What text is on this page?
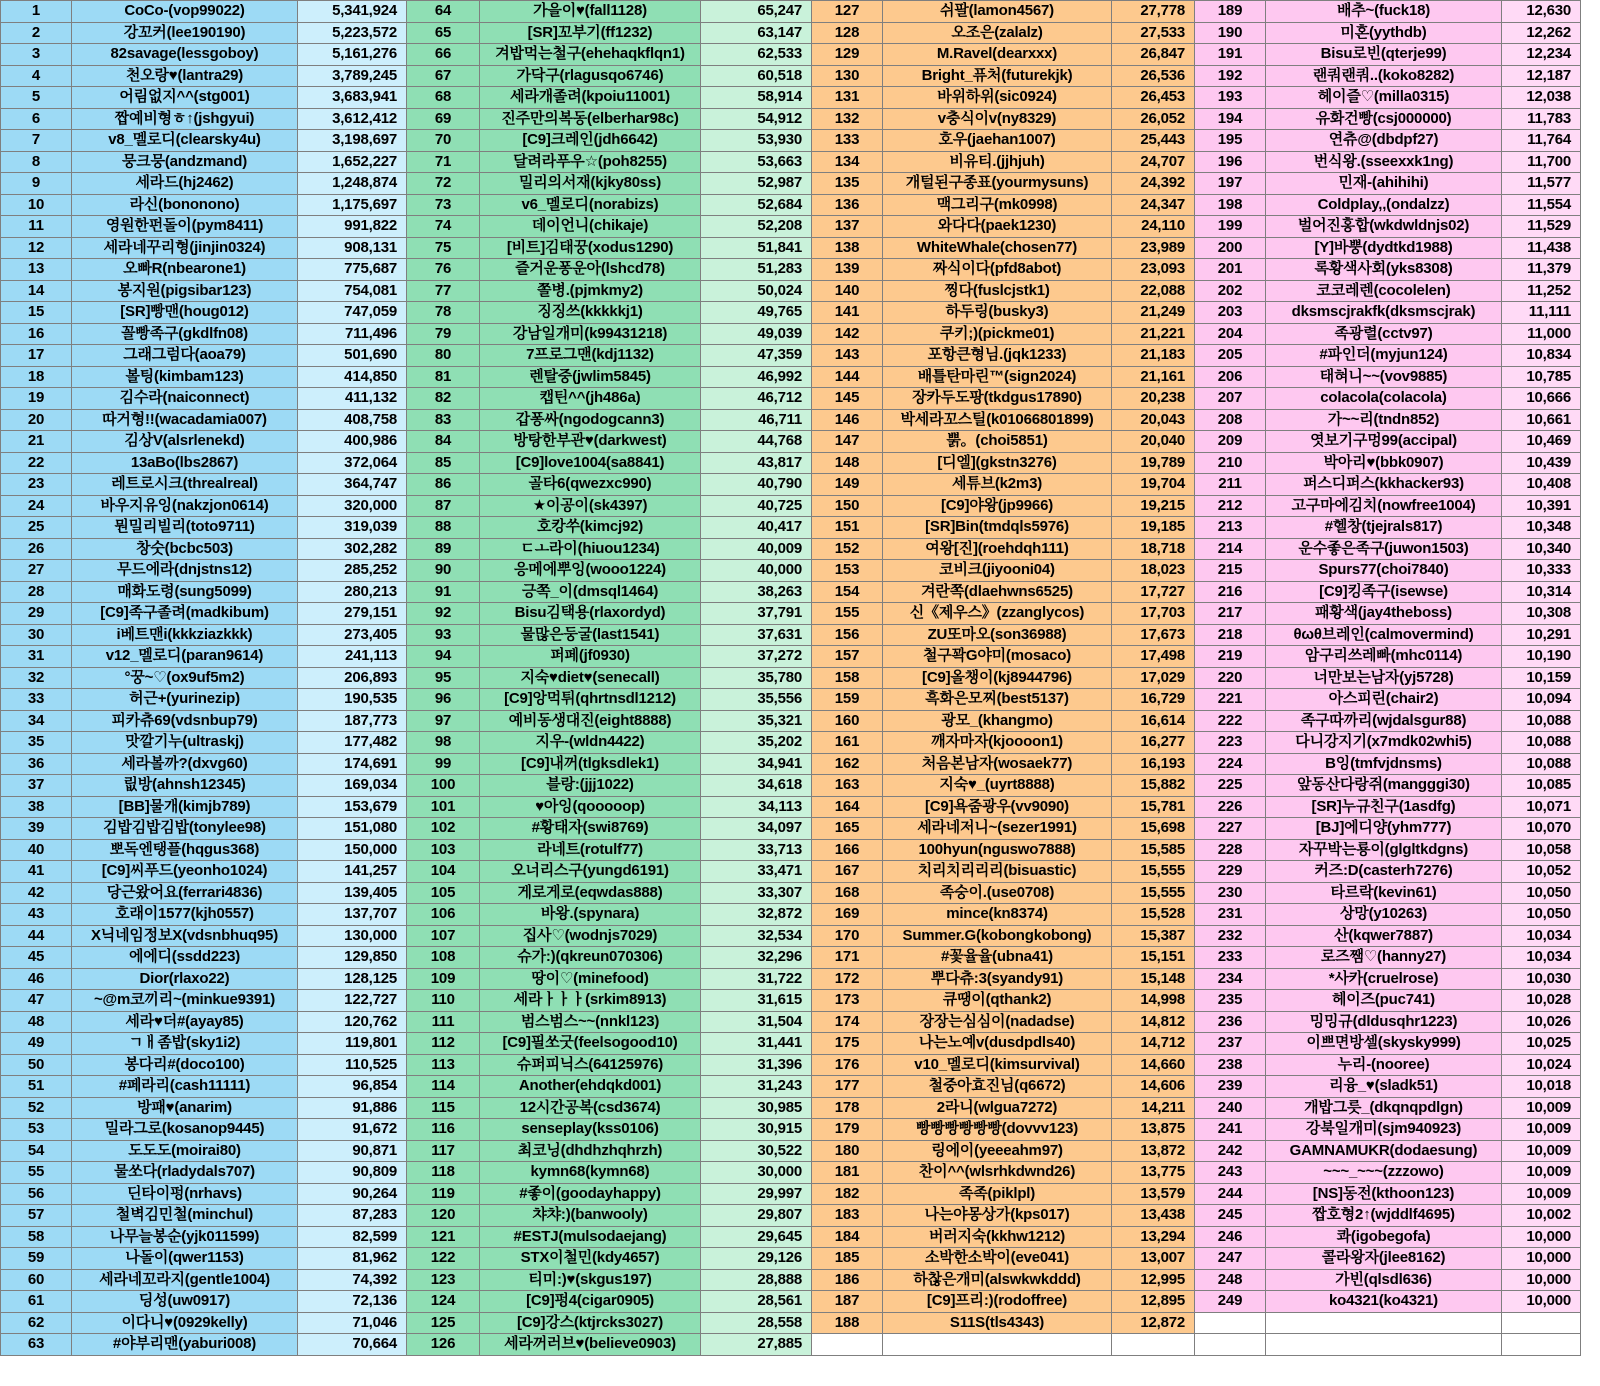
1	CoCo-(vop99022)	5,341,924	64	가을이♥(fall1128)	65,247	127	쉬팔(lamon4567)	27,778	189	배추~(fuck18)	12,630
2	강꼬커(lee190190)	5,223,572	65	[SR]꼬부기(ff1232)	63,147	128	오조은(zalalz)	27,533	190	미혼(yythdb)	12,262
3	82savage(lessgoboy)	5,161,276	66	겨밥먹는철구(ehehaqkflqn1)	62,533	129	M.Ravel(dearxxx)	26,847	191	Bisu로빈(qterje99)	12,234
4	천오랑♥(lantra29)	3,789,245	67	가닥구(rlagusqo6746)	60,518	130	Bright_퓨처(futurekjk)	26,536	192	랜쿼랜쿼..(koko8282)	12,187
5	어림없지^^(stg001)	3,683,941	68	세라개졸려(kpoiu11001)	58,914	131	바위하위(sic0924)	26,453	193	헤이즐♡(milla0315)	12,038
6	짭예비형ㅎ↑(jshgyui)	3,612,412	69	진주만의복동(elberhar98c)	54,912	132	v충식이v(ny8329)	26,052	194	유화건빵(csj000000)	11,783
7	v8_멜로디(clearsky4u)	3,198,697	70	[C9]크레인(jdh6642)	53,930	133	호우(jaehan1007)	25,443	195	연츄@(dbdpf27)	11,764
8	뭉크뭉(andzmand)	1,652,227	71	달려라푸우☆(poh8255)	53,663	134	비유티.(jjhjuh)	24,707	196	번식왕.(sseexxk1ng)	11,700
9	세라드(hj2462)	1,248,874	72	밀리의서재(kjky80ss)	52,987	135	개털된구종표(yourmysuns)	24,392	197	민재-(ahihihi)	11,577
10	라신(bononono)	1,175,697	73	v6_멜로디(norabizs)	52,684	136	맥그리구(mk0998)	24,347	198	Coldplay,,(ondalzz)	11,554
11	영원한펀돌이(pym8411)	991,822	74	데이언니(chikaje)	52,208	137	와다다(paek1230)	24,110	199	벌어진홍합(wkdwldnjs02)	11,529
12	세라네꾸리형(jinjin0324)	908,131	75	[비트]김태꿍(xodus1290)	51,841	138	WhiteWhale(chosen77)	23,989	200	[Y]바뿡(dydtkd1988)	11,438
13	오빠R(nbearone1)	775,687	76	즐거운퐁운아(lshcd78)	51,283	139	짜식이다(pfd8abot)	23,093	201	록황색사회(yks8308)	11,379
14	봉지원(pigsibar123)	754,081	77	쫄병.(pjmkmy2)	50,024	140	찡다(fuslcjstk1)	22,088	202	코코레렌(cocolelen)	11,252
15	[SR]빵맨(houg012)	747,059	78	징징쓰(kkkkkj1)	49,765	141	하두링(busky3)	21,249	203	dksmscjrakfk(dksmscjrak)	11,111
16	꼴빵족구(gkdlfn08)	711,496	79	강남일개미(k99431218)	49,039	142	쿠키;)(pickme01)	21,221	204	족광렬(cctv97)	11,000
17	그래그럼다(aoa79)	501,690	80	7프로그맨(kdj1132)	47,359	143	포항큰형님.(jqk1233)	21,183	205	#파인더(myjun124)	10,834
18	볼팅(kimbam123)	414,850	81	렌탈중(jwlim5845)	46,992	144	배틀탄마린™(sign2024)	21,161	206	태혀니~~(vov9885)	10,785
19	김수라(naiconnect)	411,132	82	캡틴^^(jh486a)	46,712	145	장카두도팡(tkdgus17890)	20,238	207	colacola(colacola)	10,666
20	따거형!!(wacadamia007)	408,758	83	갑퐁싸(ngodogcann3)	46,711	146	박세라꼬스틸(k01066801899)	20,043	208	가~~리(tndn852)	10,661
21	김상V(alsrlenekd)	400,986	84	방탕한부관♥(darkwest)	44,768	147	뿕。(choi5851)	20,040	209	엿보기구멍99(accipal)	10,469
22	13aBo(lbs2867)	372,064	85	[C9]love1004(sa8841)	43,817	148	[디엘](gkstn3276)	19,789	210	박아리♥(bbk0907)	10,439
23	레트로시크(threalreal)	364,747	86	골타6(qwezxc990)	40,790	149	세튜브(k2m3)	19,704	211	퍼스디퍼스(kkhacker93)	10,408
24	바우지유잉(nakzjon0614)	320,000	87	★이공이(sk4397)	40,725	150	[C9]야왕(jp9966)	19,215	212	고구마에김치(nowfree1004)	10,391
25	뭔밀리빌리(toto9711)	319,039	88	호캉쑤(kimcj92)	40,417	151	[SR]Bin(tmdqls5976)	19,185	213	#헬창(tjejrals817)	10,348
26	창숫(bcbc503)	302,282	89	ㄷㅗ라이(hiuou1234)	40,009	152	여왕[진](roehdqh111)	18,718	214	운수좋은족구(juwon1503)	10,340
27	무드에라(dnjstns12)	285,252	90	응메에뿌잉(wooo1224)	40,000	153	코비크(jiyooni04)	18,023	215	Spurs77(choi7840)	10,333
28	매화도령(sung5099)	280,213	91	긍쪽_이(dmsql1464)	38,263	154	겨란쪽(dlaehwns6525)	17,727	216	[C9]킹족구(isewse)	10,314
29	[C9]족구졸려(madkibum)	279,151	92	Bisu김택용(rlaxordyd)	37,791	155	신《제우스》(zzanglycos)	17,703	217	패황색(jay4theboss)	10,308
30	i베트맨i(kkkziazkkk)	273,405	93	물많은둥굴(last1541)	37,631	156	ZU또마오(son36988)	17,673	218	θωθ브레인(calmovermind)	10,291
31	v12_멜로디(paran9614)	241,113	94	퍼페(jf0930)	37,272	157	철구꽉G야미(mosaco)	17,498	219	암구리쓰레빠(mhc0114)	10,190
32	°꿍~♡(ox9uf5m2)	206,893	95	지숙♥diet♥(senecall)	35,780	158	[C9]올챙이(kj8944796)	17,029	220	너만보는남자(yj5728)	10,159
33	허근+(yurinezip)	190,535	96	[C9]앙먹튀(qhrtnsdl1212)	35,556	159	흑화은모찌(best5137)	16,729	221	아스피린(chair2)	10,094
34	피카츄69(vdsnbup79)	187,773	97	예비동생대진(eight8888)	35,321	160	광모_(khangmo)	16,614	222	족구따까리(wjdalsgur88)	10,088
35	맛깔기누(ultraskj)	177,482	98	지우-(wldn4422)	35,202	161	깨자마자(kjoooon1)	16,277	223	다니강지기(x7mdk02whi5)	10,088
36	세라볼까?(dxvg60)	174,691	99	[C9]내꺼(tlgksdlek1)	34,941	162	처음본남자(wosaek77)	16,193	224	B잉(tmfvjdnsms)	10,088
37	릾방(ahnsh12345)	169,034	100	블랑:(jjj1022)	34,618	163	지숙♥_(uyrt8888)	15,882	225	앞동산다랑쥐(mangggi30)	10,085
38	[BB]물개(kimjb789)	153,679	101	♥아잉(qooooop)	34,113	164	[C9]욕줌광우(vv9090)	15,781	226	[SR]누규친구(1asdfg)	10,071
39	김밥김밥김밥(tonylee98)	151,080	102	#황태자(swi8769)	34,097	165	세라네저니~(sezer1991)	15,698	227	[BJ]에디양(yhm777)	10,070
40	뽀독엔탱플(hqgus368)	150,000	103	라네트(rotulf77)	33,713	166	100hyun(nguswo7888)	15,585	228	자꾸박는룡이(glgltkdgns)	10,058
41	[C9]씨푸드(yeonho1024)	141,257	104	오너리스구(yungd6191)	33,471	167	치리치리리리(bisuastic)	15,555	229	커즈:D(casterh7276)	10,052
42	당근왔어요(ferrari4836)	139,405	105	게로게로(eqwdas888)	33,307	168	족숭이.(use0708)	15,555	230	타르락(kevin61)	10,050
43	호래이1577(kjh0557)	137,707	106	바왕.(spynara)	32,872	169	mince(kn8374)	15,528	231	상망(y10263)	10,050
44	X닉네임정보X(vdsnbhuq95)	130,000	107	집사♡(wodnjs7029)	32,534	170	Summer.G(kobongkobong)	15,387	232	산(kqwer7887)	10,034
45	에에디(ssdd223)	129,850	108	슈가:)(qkreun070306)	32,296	171	#꽃율율(ubna41)	15,151	233	로즈쨈♡(hanny27)	10,034
46	Dior(rlaxo22)	128,125	109	땅이♡(minefood)	31,722	172	뿌다츄:3(syandy91)	15,148	234	*사카(cruelrose)	10,030
47	~@m코끼리~(minkue9391)	122,727	110	세라ㅏㅏㅏ(srkim8913)	31,615	173	큐땡이(qthank2)	14,998	235	헤이즈(puc741)	10,028
48	세라♥더#(ayay85)	120,762	111	범스범스~~(nnkl123)	31,504	174	장장는심심이(nadadse)	14,812	236	밍밍규(dldusqhr1223)	10,026
49	ㄱㅐ좀밥(sky1i2)	119,801	112	[C9]필쏘굿(feelsogood10)	31,441	175	나는노예v(dusdpdls40)	14,712	237	이쁘면방셀(skysky999)	10,025
50	봉다리#(doco100)	110,525	113	슈퍼피닉스(64125976)	31,396	176	v10_멜로디(kimsurvival)	14,660	238	누리-(nooree)	10,024
51	#페라리(cash11111)	96,854	114	Another(ehdqkd001)	31,243	177	철중아효진님(q6672)	14,606	239	리융_♥(sladk51)	10,018
52	방패♥(anarim)	91,886	115	12시간공복(csd3674)	30,985	178	2라니(wlgua7272)	14,211	240	개밥그릇_(dkqnqpdlgn)	10,009
53	밀라그로(kosanop9445)	91,672	116	senseplay(kss0106)	30,915	179	빵빵빵빵빵빵(dovvv123)	13,875	241	강북일개미(sjm940923)	10,009
54	도도도(moirai80)	90,871	117	최코닝(dhdhzhqhrzh)	30,522	180	링에이(yeeeahm97)	13,872	242	GAMNAMUKR(dodaesung)	10,009
55	물쏘다(rladydals707)	90,809	118	kymn68(kymn68)	30,000	181	찬이^^(wlsrhkdwnd26)	13,775	243	~~~_~~~(zzzowo)	10,009
56	딘타이펑(nrhavs)	90,264	119	#좋이(goodayhappy)	29,997	182	족족(piklpl)	13,579	244	[NS]동전(kthoon123)	10,009
57	철벽김민철(minchul)	87,283	120	챠챠:)(banwooly)	29,807	183	나는야몽상가(kps017)	13,438	245	짭호형2↑(wjddlf4695)	10,002
58	나무늘봉순(yjk011599)	82,599	121	#ESTJ(mulsodaejang)	29,645	184	버러지숙(kkhw1212)	13,294	246	콰(igobegofa)	10,000
59	나돌이(qwer1153)	81,962	122	STX이철민(kdy4657)	29,126	185	소박한소박이(eve041)	13,007	247	콜라왕자(jlee8162)	10,000
60	세라네꼬라지(gentle1004)	74,392	123	티미:)♥(skgus197)	28,888	186	하찮은개미(alswkwkddd)	12,995	248	가빈(qlsdl636)	10,000
61	딩성(uw0917)	72,136	124	[C9]펑4(cigar0905)	28,561	187	[C9]프리:)(rodoffree)	12,895	249	ko4321(ko4321)	10,000
62	이다니♥(0929kelly)	71,046	125	[C9]강스(ktjrcks3027)	28,558	188	S11S(tls4343)	12,872
63	#야부리맨(yaburi008)	70,664	126	세라꺼러브♥(believe0903)	27,885
